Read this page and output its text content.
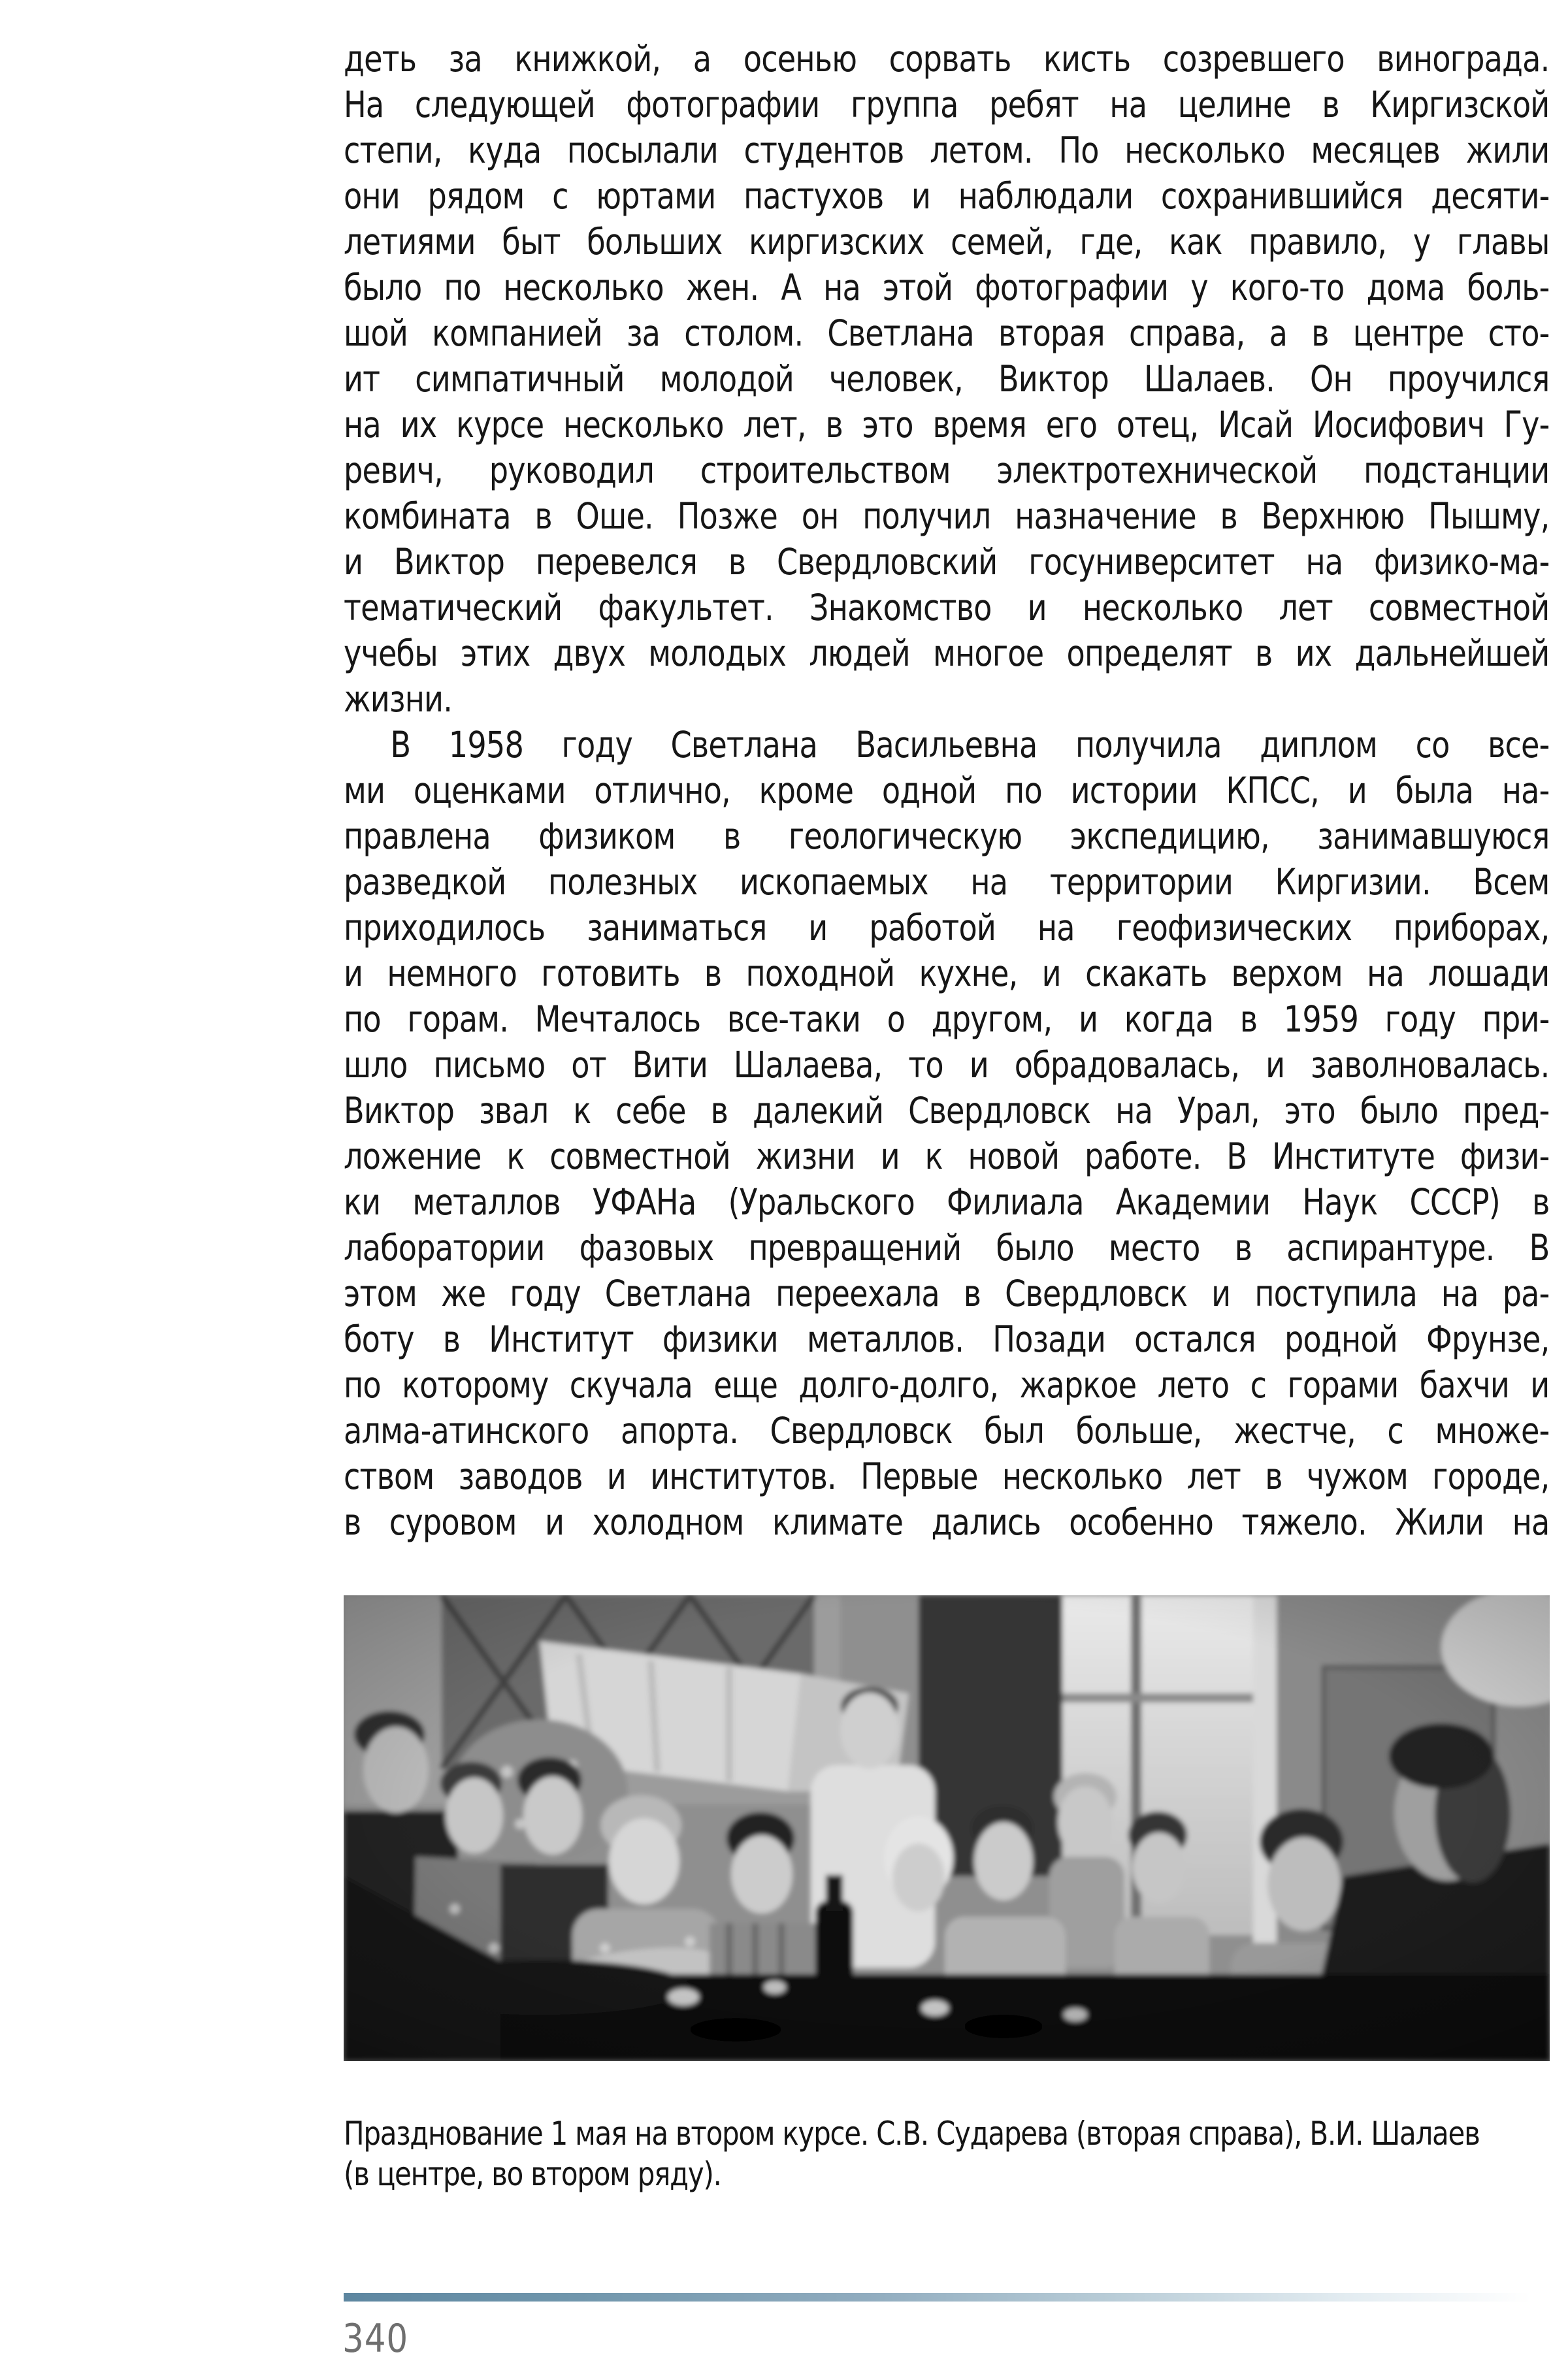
деть за книжкой, а осенью сорвать кисть созревшего винограда.
На следующей фотографии группа ребят на целине в Киргизской
степи, куда посылали студентов летом. По несколько месяцев жили
они рядом с юртами пастухов и наблюдали сохранившийся десяти-
летиями быт больших киргизских семей, где, как правило, у главы
было по несколько жен. А на этой фотографии у кого-то дома боль-
шой компанией за столом. Светлана вторая справа, а в центре сто-
ит симпатичный молодой человек, Виктор Шалаев. Он проучился
на их курсе несколько лет, в это время его отец, Исай Иосифович Гу-
ревич, руководил строительством электротехнической подстанции
комбината в Оше. Позже он получил назначение в Верхнюю Пышму,
и Виктор перевелся в Свердловский госуниверситет на физико-ма-
тематический факультет. Знакомство и несколько лет совместной
учебы этих двух молодых людей многое определят в их дальнейшей
жизни.
В 1958 году Светлана Васильевна получила диплом со все-
ми оценками отлично, кроме одной по истории КПСС, и была на-
правлена физиком в геологическую экспедицию, занимавшуюся
разведкой полезных ископаемых на территории Киргизии. Всем
приходилось заниматься и работой на геофизических приборах,
и немного готовить в походной кухне, и скакать верхом на лошади
по горам. Мечталось все-таки о другом, и когда в 1959 году при-
шло письмо от Вити Шалаева, то и обрадовалась, и заволновалась.
Виктор звал к себе в далекий Свердловск на Урал, это было пред-
ложение к совместной жизни и к новой работе. В Институте физи-
ки металлов УФАНа (Уральского Филиала Академии Наук СССР) в
лаборатории фазовых превращений было место в аспирантуре. В
этом же году Светлана переехала в Свердловск и поступила на ра-
боту в Институт физики металлов. Позади остался родной Фрунзе,
по которому скучала еще долго-долго, жаркое лето с горами бахчи и
алма-атинского апорта. Свердловск был больше, жестче, с множе-
ством заводов и институтов. Первые несколько лет в чужом городе,
в суровом и холодном климате дались особенно тяжело. Жили на
Празднование 1 мая на втором курсе. С.В. Сударева (вторая справа), В.И. Шалаев
(в центре, во втором ряду).
340
